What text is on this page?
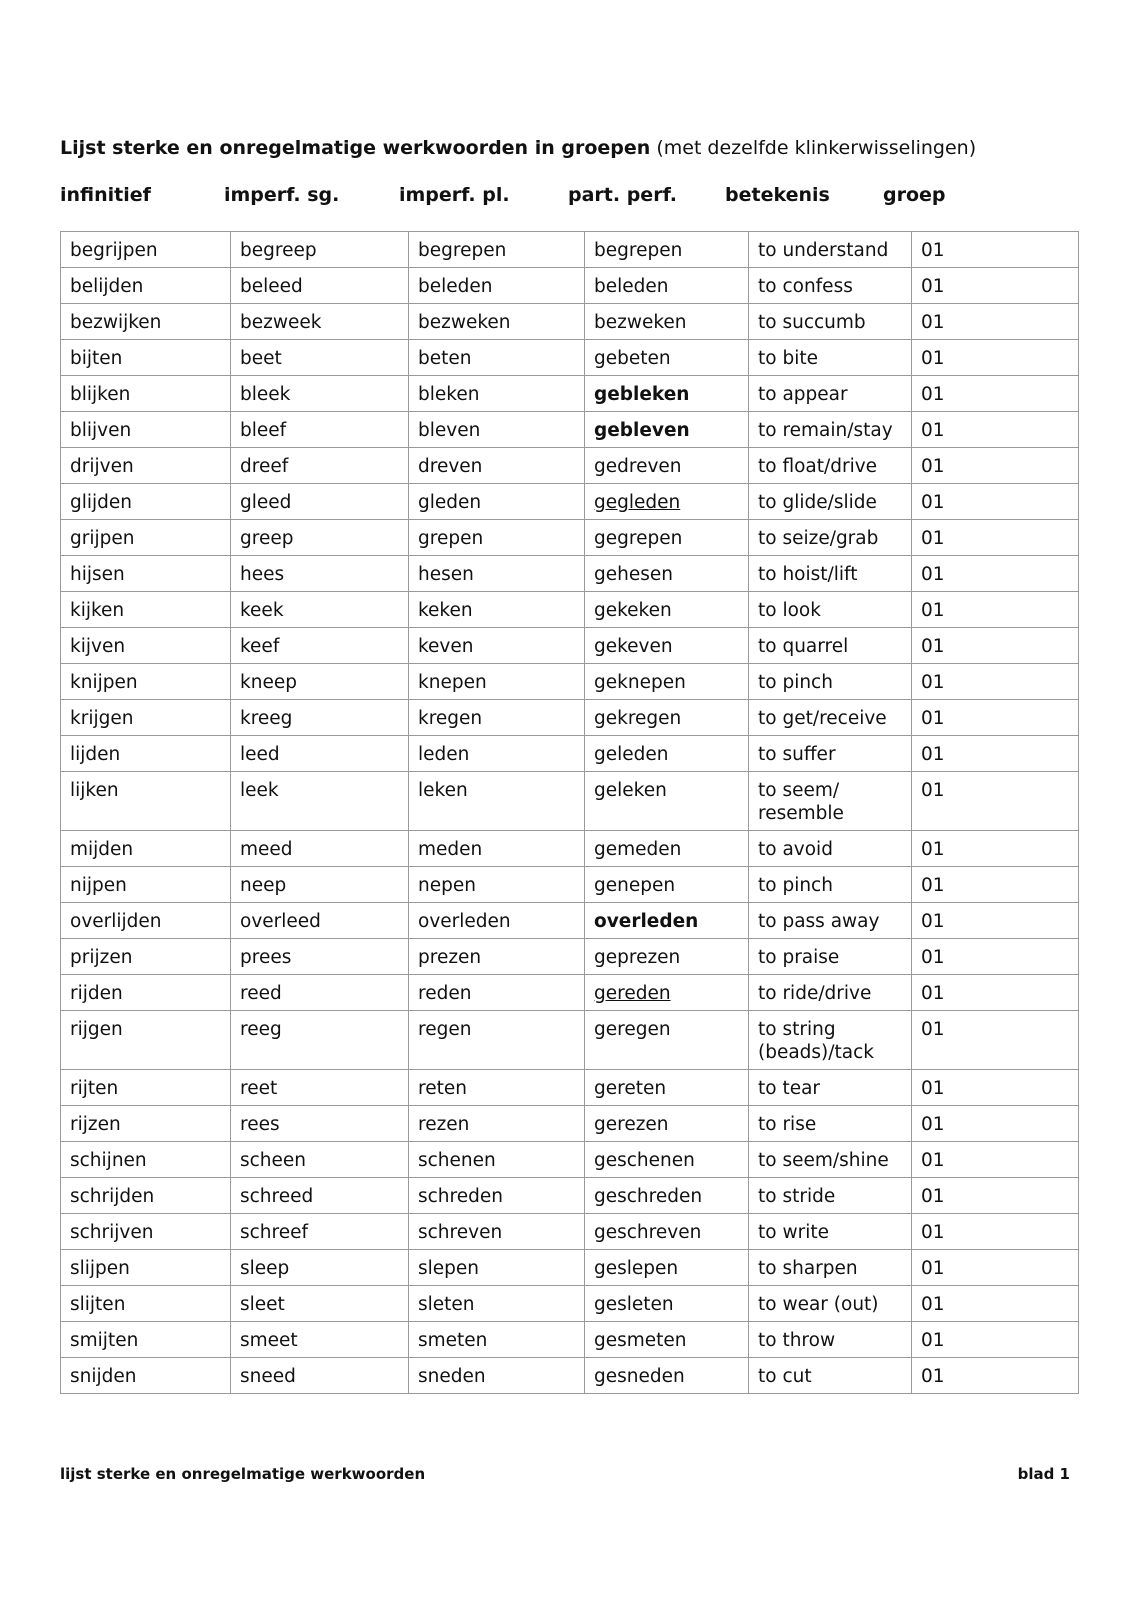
Lijst sterke en onregelmatige werkwoorden in groepen (met dezelfde klinkerwisselingen)
infinitief	imperf. sg.	imperf. pl.	part. perf.	betekenis	groep
begrijpen	begreep	begrepen	begrepen	to understand	01
belijden	beleed	beleden	beleden	to confess	01
bezwijken	bezweek	bezweken	bezweken	to succumb	01
bijten	beet	beten	gebeten	to bite	01
blijken	bleek	bleken	gebleken	to appear	01
blijven	bleef	bleven	gebleven	to remain/stay	01
drijven	dreef	dreven	gedreven	to float/drive	01
glijden	gleed	gleden	gegleden	to glide/slide	01
grijpen	greep	grepen	gegrepen	to seize/grab	01
hijsen	hees	hesen	gehesen	to hoist/lift	01
kijken	keek	keken	gekeken	to look	01
kijven	keef	keven	gekeven	to quarrel	01
knijpen	kneep	knepen	geknepen	to pinch	01
krijgen	kreeg	kregen	gekregen	to get/receive	01
lijden	leed	leden	geleden	to suffer	01
lijken	leek	leken	geleken	to seem/ resemble	01
mijden	meed	meden	gemeden	to avoid	01
nijpen	neep	nepen	genepen	to pinch	01
overlijden	overleed	overleden	overleden	to pass away	01
prijzen	prees	prezen	geprezen	to praise	01
rijden	reed	reden	gereden	to ride/drive	01
rijgen	reeg	regen	geregen	to string (beads)/tack	01
rijten	reet	reten	gereten	to tear	01
rijzen	rees	rezen	gerezen	to rise	01
schijnen	scheen	schenen	geschenen	to seem/shine	01
schrijden	schreed	schreden	geschreden	to stride	01
schrijven	schreef	schreven	geschreven	to write	01
slijpen	sleep	slepen	geslepen	to sharpen	01
slijten	sleet	sleten	gesleten	to wear (out)	01
smijten	smeet	smeten	gesmeten	to throw	01
snijden	sneed	sneden	gesneden	to cut	01
lijst sterke en onregelmatige werkwoorden	blad 1
